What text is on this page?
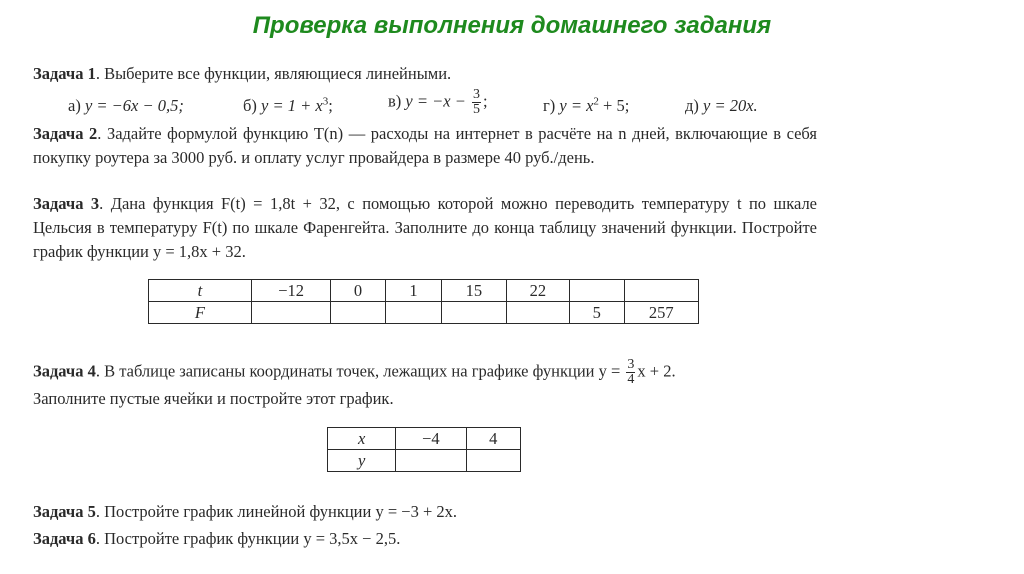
Проверка выполнения домашнего задания
Задача 1. Выберите все функции, являющиеся линейными.
а) y = −6x − 0,5;	б) $y = 1 + x^3$;	в) $y = -x - \frac{3}{5}$ ;	г) $y = x^2 + 5$;	д) y = 20x.
Задача 2. Задайте формулой функцию T(n) — расходы на интернет в расчёте на n дней, включающие в себя покупку роутера за 3000 руб. и оплату услуг провайдера в размере 40 руб./день.
Задача 3. Дана функция F(t) = 1,8t + 32, с помощью которой можно переводить температуру t по шкале Цельсия в температуру F(t) по шкале Фаренгейта. Заполните до конца таблицу значений функции. Постройте график функции y = 1,8x + 32.
t	−12	0	1	15	22		
F						5	257
Задача 4. В таблице записаны координаты точек, лежащих на графике функции $y = \frac{3}{4}$ x + 2.
Заполните пустые ячейки и постройте этот график.
x	−4	4
y		
Задача 5. Постройте график линейной функции y = −3 + 2x.
Задача 6. Постройте график функции y = 3,5x − 2,5.
